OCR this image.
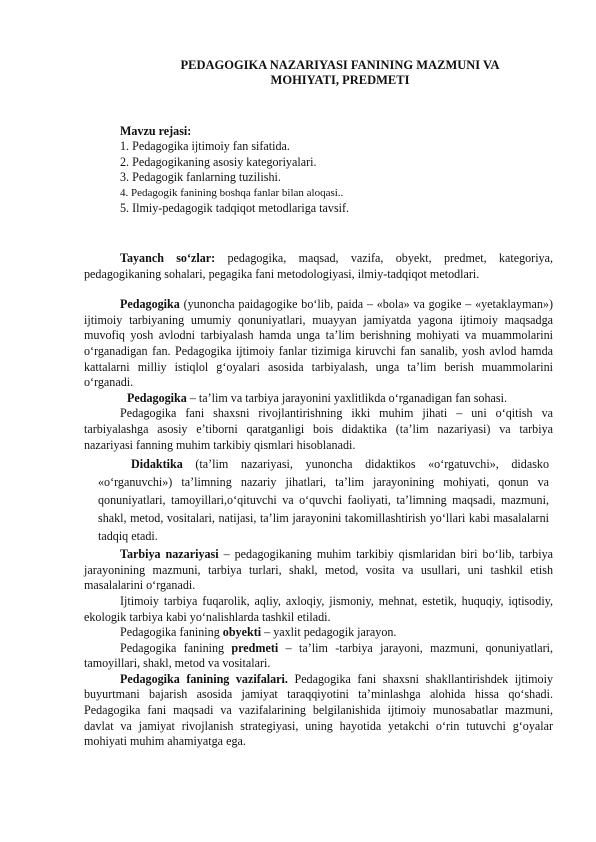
PEDAGOGIKA NAZARIYASI FANINING MAZMUNI VA
MOHIYATI, PREDMETI
Mavzu rejasi:
1. Pedagogika ijtimoiy fan sifatida.
2. Pedagogikaning asosiy kategoriyalari.
3. Pedagogik fanlarning tuzilishi.
4. Pedagogik fanining boshqa fanlar bilan aloqasi..
5. Ilmiy-pedagogik tadqiqot metodlariga tavsif.

Tayanch so‘zlar: pedagogika, maqsad, vazifa, obyekt, predmet, kategoriya, pedagogikaning sohalari, pegagika fani metodologiyasi, ilmiy-tadqiqot metodlari.

Pedagogika (yunoncha paidagogike bo‘lib, paida – «bola» va gogike – «yetaklayman») ijtimoiy tarbiyaning umumiy qonuniyatlari, muayyan jamiyatda yagona ijtimoiy maqsadga muvofiq yosh avlodni tarbiyalash hamda unga ta’lim berishning mohiyati va muammolarini o‘rganadigan fan. Pedagogika ijtimoiy fanlar tizimiga kiruvchi fan sanalib, yosh avlod hamda kattalarni milliy istiqlol g‘oyalari asosida tarbiyalash, unga ta’lim berish muammolarini o‘rganadi.

Pedagogika – ta’lim va tarbiya jarayonini yaxlitlikda o‘rganadigan fan sohasi.

Pedagogika fani shaxsni rivojlantirishning ikki muhim jihati – uni o‘qitish va tarbiyalashga asosiy e’tiborni qaratganligi bois didaktika (ta’lim nazariyasi) va tarbiya nazariyasi fanning muhim tarkibiy qismlari hisoblanadi.

Didaktika (ta’lim nazariyasi, yunoncha didaktikos «o‘rgatuvchi», didasko «o‘rganuvchi») ta’limning nazariy jihatlari, ta’lim jarayonining mohiyati, qonun va qonuniyatlari, tamoyillari,o‘qituvchi va o‘quvchi faoliyati, ta’limning maqsadi, mazmuni, shakl, metod, vositalari, natijasi, ta’lim jarayonini takomillashtirish yo‘llari kabi masalalarni tadqiq etadi.

Tarbiya nazariyasi – pedagogikaning muhim tarkibiy qismlaridan biri bo‘lib, tarbiya jarayonining mazmuni, tarbiya turlari, shakl, metod, vosita va usullari, uni tashkil etish masalalarini o‘rganadi.

Ijtimoiy tarbiya fuqarolik, aqliy, axloqiy, jismoniy, mehnat, estetik, huquqiy, iqtisodiy, ekologik tarbiya kabi yo‘nalishlarda tashkil etiladi.

Pedagogika fanining obyekti – yaxlit pedagogik jarayon.

Pedagogika fanining predmeti – ta’lim -tarbiya jarayoni, mazmuni, qonuniyatlari, tamoyillari, shakl, metod va vositalari.

Pedagogika fanining vazifalari. Pedagogika fani shaxsni shakllantirishdek ijtimoiy buyurtmani bajarish asosida jamiyat taraqqiyotini ta’minlashga alohida hissa qo‘shadi. Pedagogika fani maqsadi va vazifalarining belgilanishida ijtimoiy munosabatlar mazmuni, davlat va jamiyat rivojlanish strategiyasi, uning hayotida yetakchi o‘rin tutuvchi g‘oyalar mohiyati muhim ahamiyatga ega.
